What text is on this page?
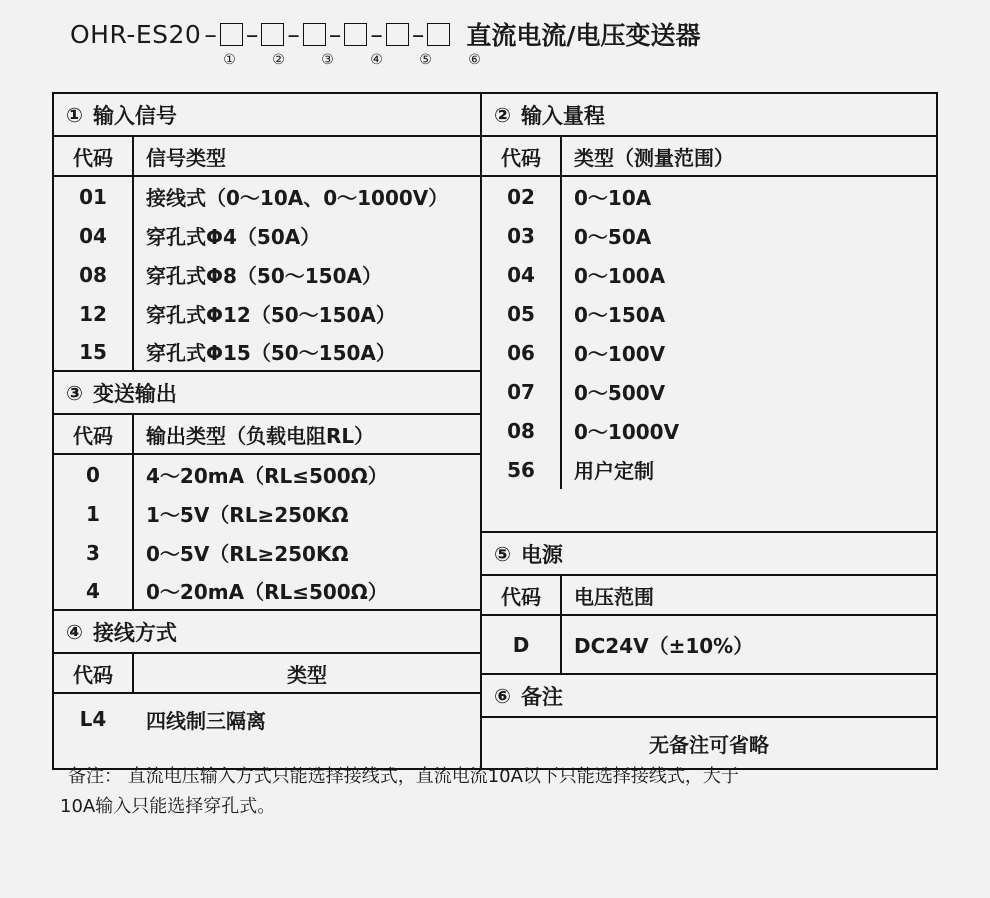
OHR-ES20 – – – – – – 直流电流/电压变送器
①	②	③	④	⑤	⑥
① 输入信号
代码	信号类型
01	接线式（0～10A、0～1000V）
04	穿孔式Φ4（50A）
08	穿孔式Φ8（50～150A）
12	穿孔式Φ12（50～150A）
15	穿孔式Φ15（50～150A）
③ 变送输出
代码	输出类型（负载电阻RL）
0	4～20mA（RL≤500Ω）
1	1～5V（RL≥250KΩ
3	0～5V（RL≥250KΩ
4	0～20mA（RL≤500Ω）
④ 接线方式
代码	类型
L4	四线制三隔离
② 输入量程
代码	类型（测量范围）
02	0～10A
03	0～50A
04	0～100A
05	0～150A
06	0～100V
07	0～500V
08	0～1000V
56	用户定制
⑤ 电源
代码	电压范围
D	DC24V（±10%）
⑥ 备注
无备注可省略
备注： 直流电压输入方式只能选择接线式，直流电流10A以下只能选择接线式，大于
10A输入只能选择穿孔式。
